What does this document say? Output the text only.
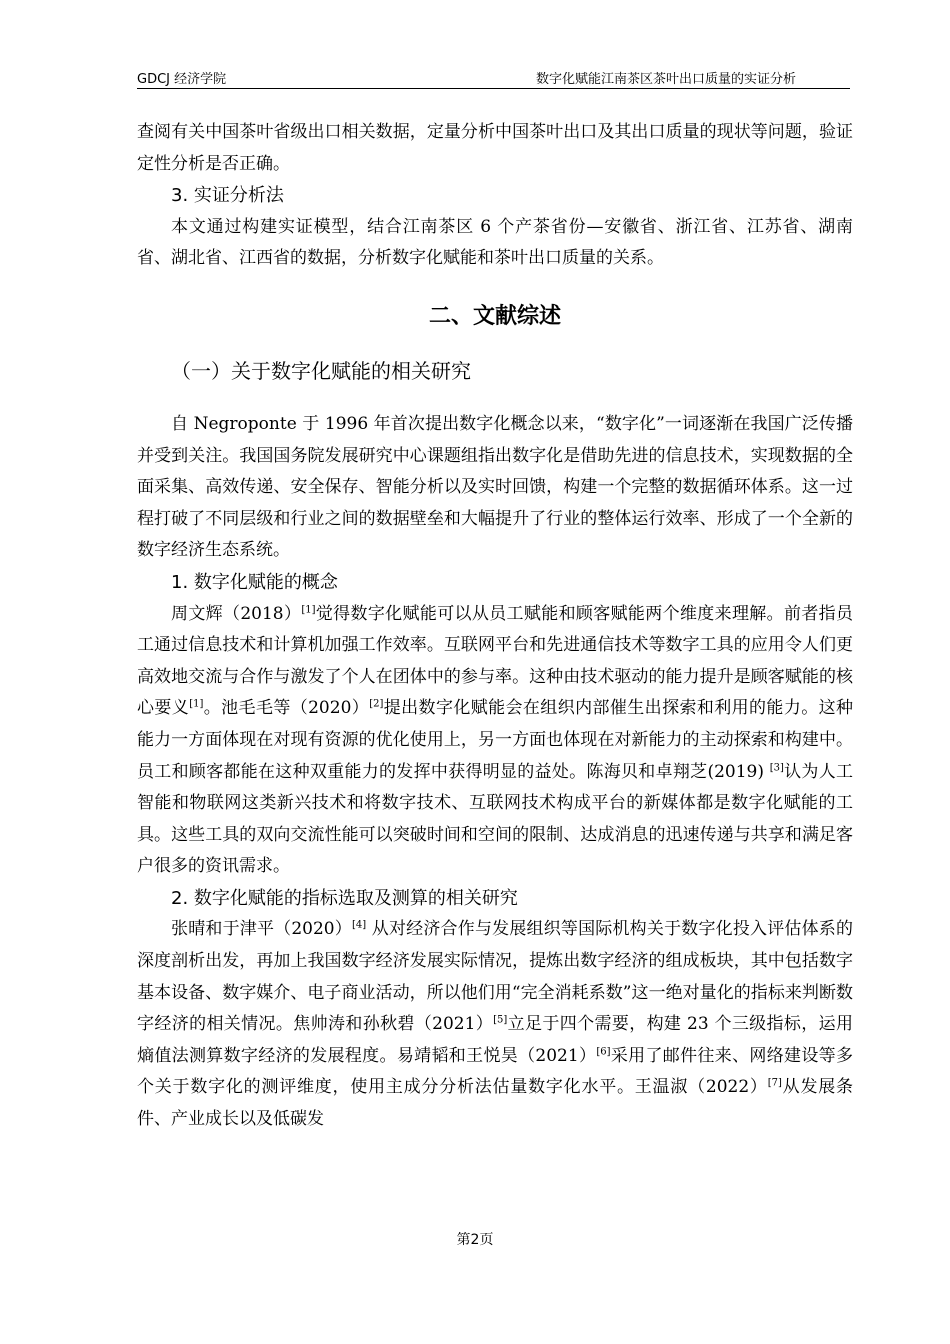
GDCJ 经济学院	数字化赋能江南茶区茶叶出口质量的实证分析

查阅有关中国茶叶省级出口相关数据，定量分析中国茶叶出口及其出口质量的现状等问题，验证定性分析是否正确。

3. 实证分析法

本文通过构建实证模型，结合江南茶区 6 个产茶省份—安徽省、浙江省、江苏省、湖南省、湖北省、江西省的数据，分析数字化赋能和茶叶出口质量的关系。

二、文献综述
（一）关于数字化赋能的相关研究

自 Negroponte 于 1996 年首次提出数字化概念以来，“数字化”一词逐渐在我国广泛传播并受到关注。我国国务院发展研究中心课题组指出数字化是借助先进的信息技术，实现数据的全面采集、高效传递、安全保存、智能分析以及实时回馈，构建一个完整的数据循环体系。这一过程打破了不同层级和行业之间的数据壁垒和大幅提升了行业的整体运行效率、形成了一个全新的数字经济生态系统。

1. 数字化赋能的概念

周文辉（2018）[1]觉得数字化赋能可以从员工赋能和顾客赋能两个维度来理解。前者指员工通过信息技术和计算机加强工作效率。互联网平台和先进通信技术等数字工具的应用令人们更高效地交流与合作与激发了个人在团体中的参与率。这种由技术驱动的能力提升是顾客赋能的核心要义[1]。池毛毛等（2020）[2]提出数字化赋能会在组织内部催生出探索和利用的能力。这种能力一方面体现在对现有资源的优化使用上，另一方面也体现在对新能力的主动探索和构建中。员工和顾客都能在这种双重能力的发挥中获得明显的益处。陈海贝和卓翔芝(2019) [3]认为人工智能和物联网这类新兴技术和将数字技术、互联网技术构成平台的新媒体都是数字化赋能的工具。这些工具的双向交流性能可以突破时间和空间的限制、达成消息的迅速传递与共享和满足客户很多的资讯需求。

2. 数字化赋能的指标选取及测算的相关研究

张晴和于津平（2020）[4] 从对经济合作与发展组织等国际机构关于数字化投入评估体系的深度剖析出发，再加上我国数字经济发展实际情况，提炼出数字经济的组成板块，其中包括数字基本设备、数字媒介、电子商业活动，所以他们用“完全消耗系数”这一绝对量化的指标来判断数字经济的相关情况。焦帅涛和孙秋碧（2021）[5]立足于四个需要，构建 23 个三级指标，运用熵值法测算数字经济的发展程度。易靖韬和王悦昊（2021）[6]采用了邮件往来、网络建设等多个关于数字化的测评维度，使用主成分分析法估量数字化水平。王温淑（2022）[7]从发展条件、产业成长以及低碳发

第2页
